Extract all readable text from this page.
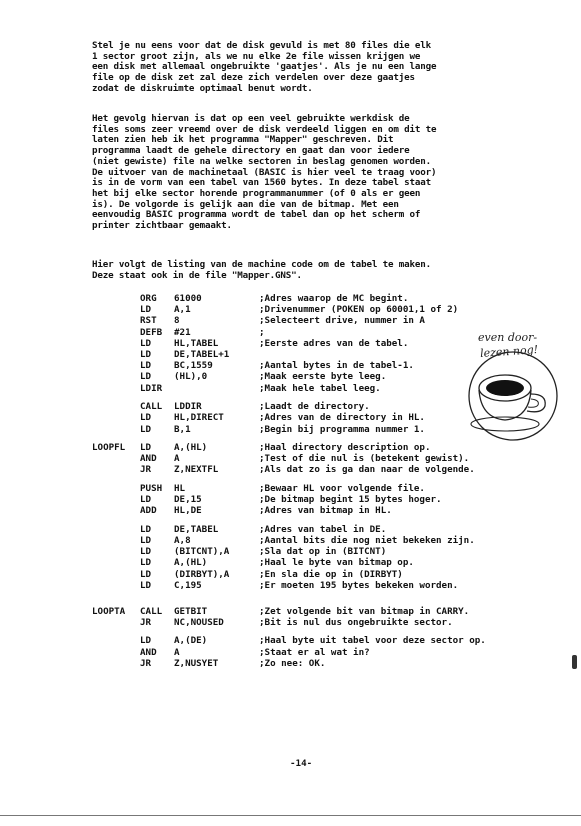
Stel je nu eens voor dat de disk gevuld is met 80 files die elk
1 sector groot zijn, als we nu elke 2e file wissen krijgen we
een disk met allemaal ongebruikte 'gaatjes'. Als je nu een lange
file op de disk zet zal deze zich verdelen over deze gaatjes
zodat de diskruimte optimaal benut wordt.
Het gevolg hiervan is dat op een veel gebruikte werkdisk de
files soms zeer vreemd over de disk verdeeld liggen en om dit te
laten zien heb ik het programma "Mapper" geschreven. Dit
programma laadt de gehele directory en gaat dan voor iedere
(niet gewiste) file na welke sectoren in beslag genomen worden.
De uitvoer van de machinetaal (BASIC is hier veel te traag voor)
is in de vorm van een tabel van 1560 bytes. In deze tabel staat
het bij elke sector horende programmanummer (of 0 als er geen
is). De volgorde is gelijk aan die van de bitmap. Met een
eenvoudig BASIC programma wordt de tabel dan op het scherm of
printer zichtbaar gemaakt.
Hier volgt de listing van de machine code om de tabel te maken.
Deze staat ook in de file "Mapper.GNS".
ORG 61000	;Adres waarop de MC begint.
LD A,1	;Drivenummer (POKEN op 60001,1 of 2)
RST 8	;Selecteert drive, nummer in A
DEFB #21	;
LD HL,TABEL	;Eerste adres van de tabel.
LD DE,TABEL+1
LD BC,1559	;Aantal bytes in de tabel-1.
LD (HL),0	;Maak eerste byte leeg.
LDIR	;Maak hele tabel leeg.
CALL LDDIR	;Laadt de directory.
LD HL,DIRECT	;Adres van de directory in HL.
LD B,1	;Begin bij programma nummer 1.
LOOPFL LD A,(HL)	;Haal directory description op.
AND A	;Test of die nul is (betekent gewist).
JR Z,NEXTFL	;Als dat zo is ga dan naar de volgende.
PUSH HL	;Bewaar HL voor volgende file.
LD DE,15	;De bitmap begint 15 bytes hoger.
ADD HL,DE	;Adres van bitmap in HL.
LD DE,TABEL	;Adres van tabel in DE.
LD A,8	;Aantal bits die nog niet bekeken zijn.
LD (BITCNT),A	;Sla dat op in (BITCNT)
LD A,(HL)	;Haal le byte van bitmap op.
LD (DIRBYT),A	;En sla die op in (DIRBYT)
LD C,195	;Er moeten 195 bytes bekeken worden.
LOOPTA CALL GETBIT	;Zet volgende bit van bitmap in CARRY.
JR NC,NOUSED	;Bit is nul dus ongebruikte sector.
LD A,(DE)	;Haal byte uit tabel voor deze sector op.
AND A	;Staat er al wat in?
JR Z,NUSYET	;Zo nee: OK.
even door-
lezen nog!
-14-
